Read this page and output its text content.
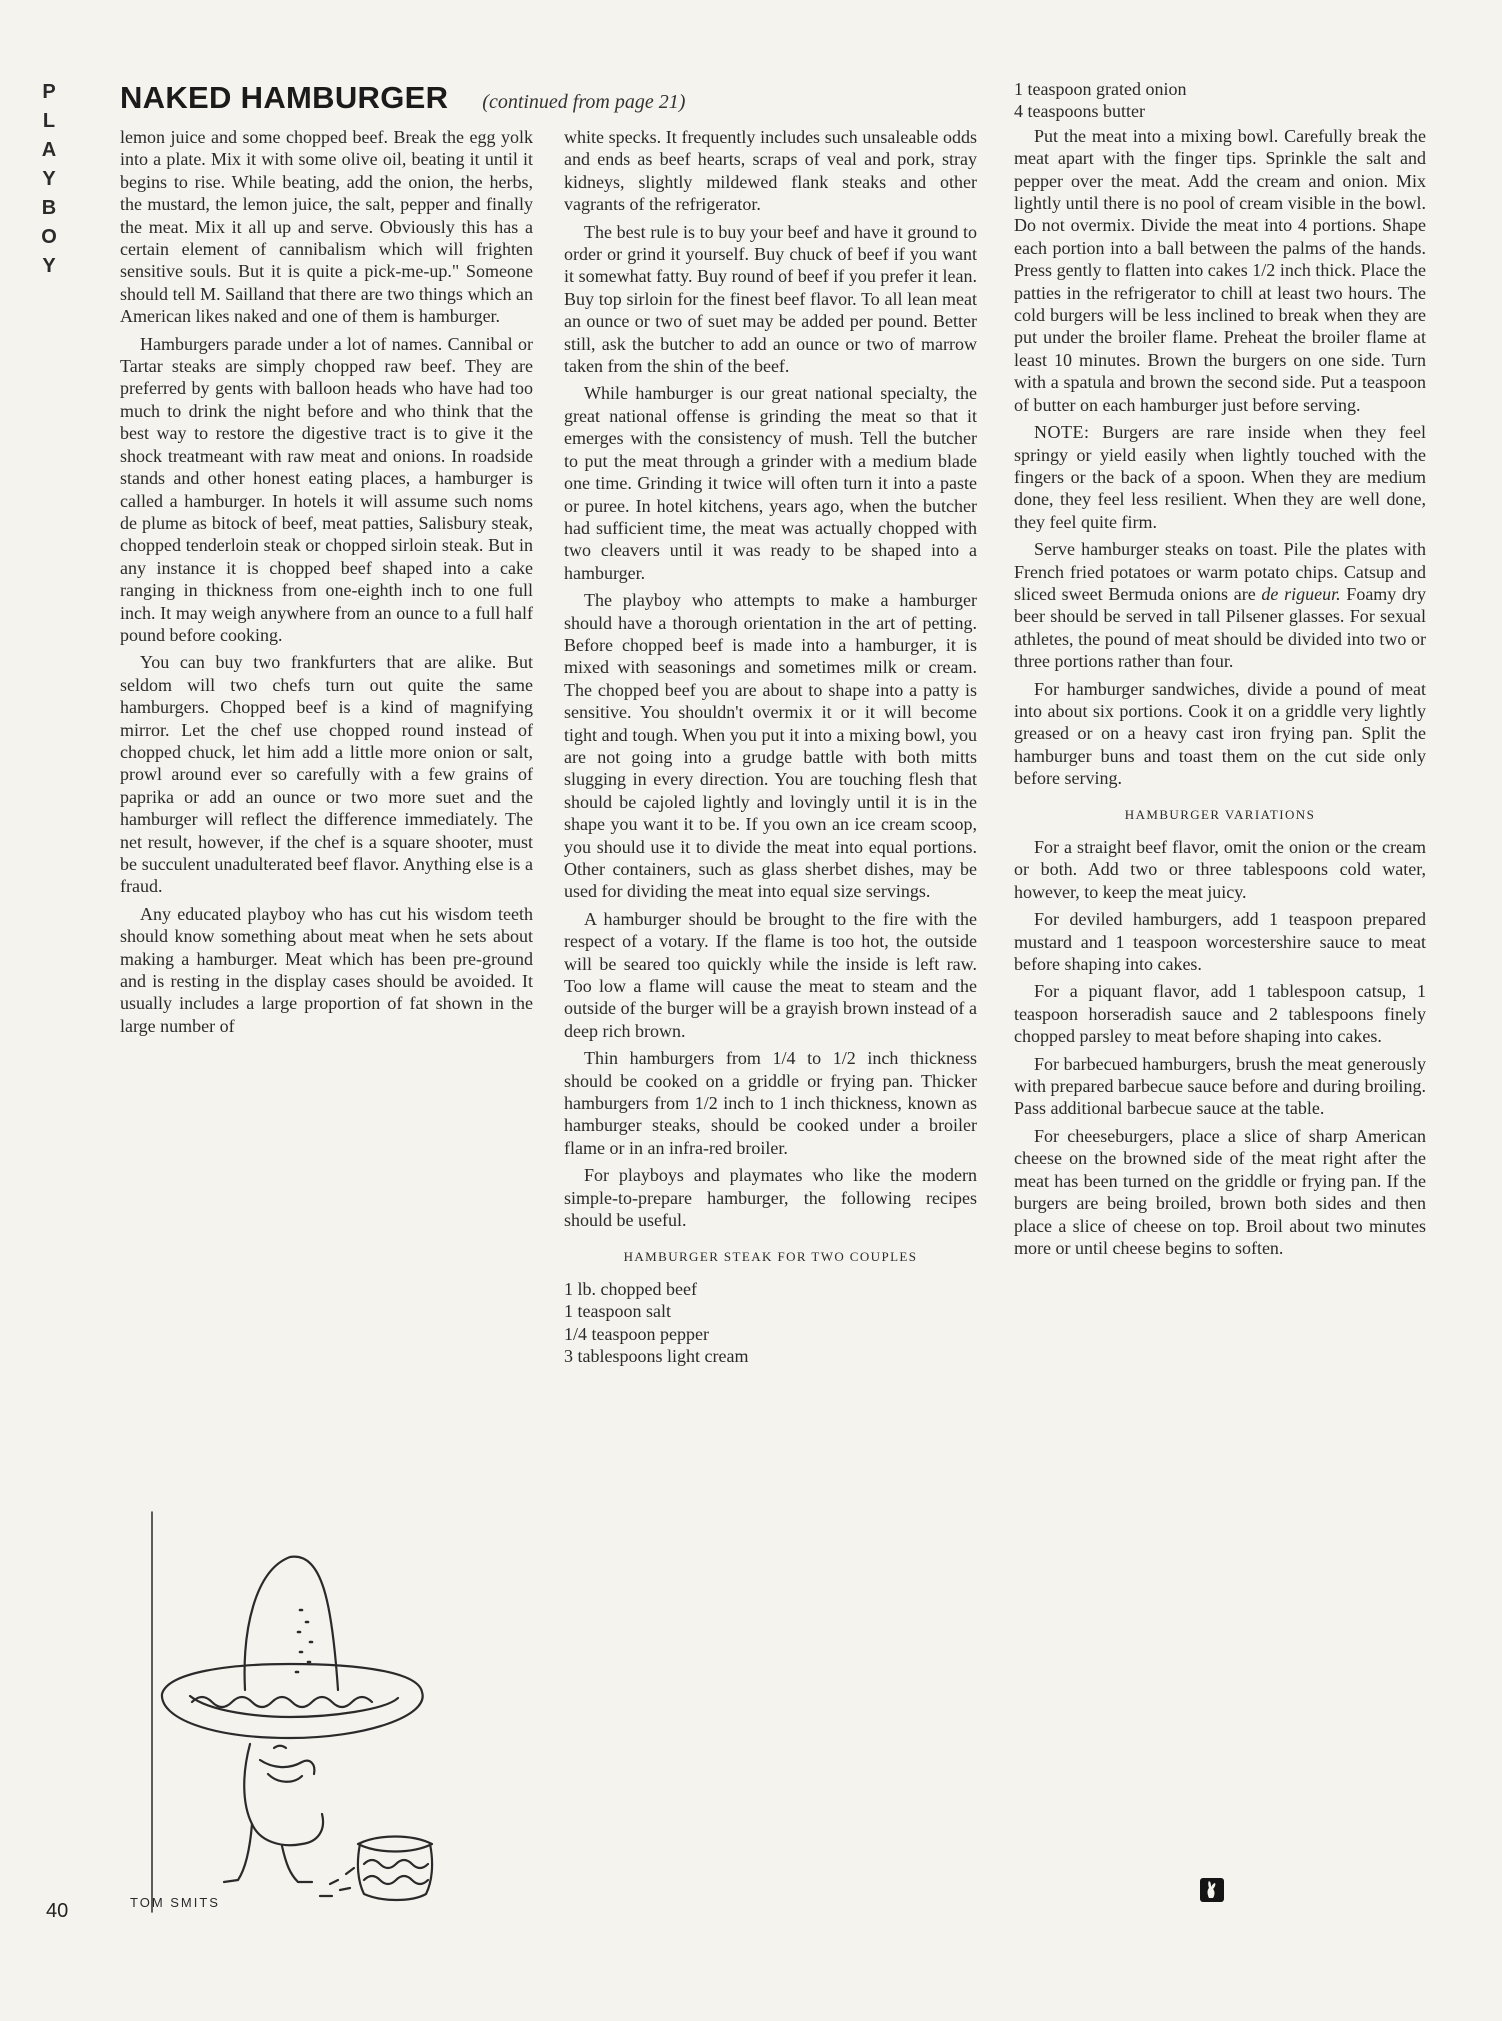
P
L
A
Y
B
O
Y
NAKED HAMBURGER (continued from page 21)

lemon juice and some chopped beef. Break the egg yolk into a plate. Mix it with some olive oil, beating it until it begins to rise. While beating, add the onion, the herbs, the mustard, the lemon juice, the salt, pepper and finally the meat. Mix it all up and serve. Obviously this has a certain element of cannibalism which will frighten sensitive souls. But it is quite a pick-me-up." Someone should tell M. Sailland that there are two things which an American likes naked and one of them is hamburger.

Hamburgers parade under a lot of names. Cannibal or Tartar steaks are simply chopped raw beef. They are preferred by gents with balloon heads who have had too much to drink the night before and who think that the best way to restore the digestive tract is to give it the shock treatmeant with raw meat and onions. In roadside stands and other honest eating places, a hamburger is called a hamburger. In hotels it will assume such noms de plume as bitock of beef, meat patties, Salisbury steak, chopped tenderloin steak or chopped sirloin steak. But in any instance it is chopped beef shaped into a cake ranging in thickness from one-eighth inch to one full inch. It may weigh anywhere from an ounce to a full half pound before cooking.

You can buy two frankfurters that are alike. But seldom will two chefs turn out quite the same hamburgers. Chopped beef is a kind of magnifying mirror. Let the chef use chopped round instead of chopped chuck, let him add a little more onion or salt, prowl around ever so carefully with a few grains of paprika or add an ounce or two more suet and the hamburger will reflect the difference immediately. The net result, however, if the chef is a square shooter, must be succulent unadulterated beef flavor. Anything else is a fraud.

Any educated playboy who has cut his wisdom teeth should know something about meat when he sets about making a hamburger. Meat which has been pre-ground and is resting in the display cases should be avoided. It usually includes a large proportion of fat shown in the large number of

white specks. It frequently includes such unsaleable odds and ends as beef hearts, scraps of veal and pork, stray kidneys, slightly mildewed flank steaks and other vagrants of the refrigerator.

The best rule is to buy your beef and have it ground to order or grind it yourself. Buy chuck of beef if you want it somewhat fatty. Buy round of beef if you prefer it lean. Buy top sirloin for the finest beef flavor. To all lean meat an ounce or two of suet may be added per pound. Better still, ask the butcher to add an ounce or two of marrow taken from the shin of the beef.

While hamburger is our great national specialty, the great national offense is grinding the meat so that it emerges with the consistency of mush. Tell the butcher to put the meat through a grinder with a medium blade one time. Grinding it twice will often turn it into a paste or puree. In hotel kitchens, years ago, when the butcher had sufficient time, the meat was actually chopped with two cleavers until it was ready to be shaped into a hamburger.

The playboy who attempts to make a hamburger should have a thorough orientation in the art of petting. Before chopped beef is made into a hamburger, it is mixed with seasonings and sometimes milk or cream. The chopped beef you are about to shape into a patty is sensitive. You shouldn't overmix it or it will become tight and tough. When you put it into a mixing bowl, you are not going into a grudge battle with both mitts slugging in every direction. You are touching flesh that should be cajoled lightly and lovingly until it is in the shape you want it to be. If you own an ice cream scoop, you should use it to divide the meat into equal portions. Other containers, such as glass sherbet dishes, may be used for dividing the meat into equal size servings.

A hamburger should be brought to the fire with the respect of a votary. If the flame is too hot, the outside will be seared too quickly while the inside is left raw. Too low a flame will cause the meat to steam and the outside of the burger will be a grayish brown instead of a deep rich brown.

Thin hamburgers from 1/4 to 1/2 inch thickness should be cooked on a griddle or frying pan. Thicker hamburgers from 1/2 inch to 1 inch thickness, known as hamburger steaks, should be cooked under a broiler flame or in an infra-red broiler.

For playboys and playmates who like the modern simple-to-prepare hamburger, the following recipes should be useful.

HAMBURGER STEAK FOR TWO COUPLES
1 lb. chopped beef
1 teaspoon salt
1/4 teaspoon pepper
3 tablespoons light cream
1 teaspoon grated onion
4 teaspoons butter

Put the meat into a mixing bowl. Carefully break the meat apart with the finger tips. Sprinkle the salt and pepper over the meat. Add the cream and onion. Mix lightly until there is no pool of cream visible in the bowl. Do not overmix. Divide the meat into 4 portions. Shape each portion into a ball between the palms of the hands. Press gently to flatten into cakes 1/2 inch thick. Place the patties in the refrigerator to chill at least two hours. The cold burgers will be less inclined to break when they are put under the broiler flame. Preheat the broiler flame at least 10 minutes. Brown the burgers on one side. Turn with a spatula and brown the second side. Put a teaspoon of butter on each hamburger just before serving.

NOTE: Burgers are rare inside when they feel springy or yield easily when lightly touched with the fingers or the back of a spoon. When they are medium done, they feel less resilient. When they are well done, they feel quite firm.

Serve hamburger steaks on toast. Pile the plates with French fried potatoes or warm potato chips. Catsup and sliced sweet Bermuda onions are de rigueur. Foamy dry beer should be served in tall Pilsener glasses. For sexual athletes, the pound of meat should be divided into two or three portions rather than four.

For hamburger sandwiches, divide a pound of meat into about six portions. Cook it on a griddle very lightly greased or on a heavy cast iron frying pan. Split the hamburger buns and toast them on the cut side only before serving.

HAMBURGER VARIATIONS

For a straight beef flavor, omit the onion or the cream or both. Add two or three tablespoons cold water, however, to keep the meat juicy.

For deviled hamburgers, add 1 teaspoon prepared mustard and 1 teaspoon worcestershire sauce to meat before shaping into cakes.

For a piquant flavor, add 1 tablespoon catsup, 1 teaspoon horseradish sauce and 2 tablespoons finely chopped parsley to meat before shaping into cakes.

For barbecued hamburgers, brush the meat generously with prepared barbecue sauce before and during broiling. Pass additional barbecue sauce at the table.

For cheeseburgers, place a slice of sharp American cheese on the browned side of the meat right after the meat has been turned on the griddle or frying pan. If the burgers are being broiled, brown both sides and then place a slice of cheese on top. Broil about two minutes more or until cheese begins to soften.

TOM SMITS
40
